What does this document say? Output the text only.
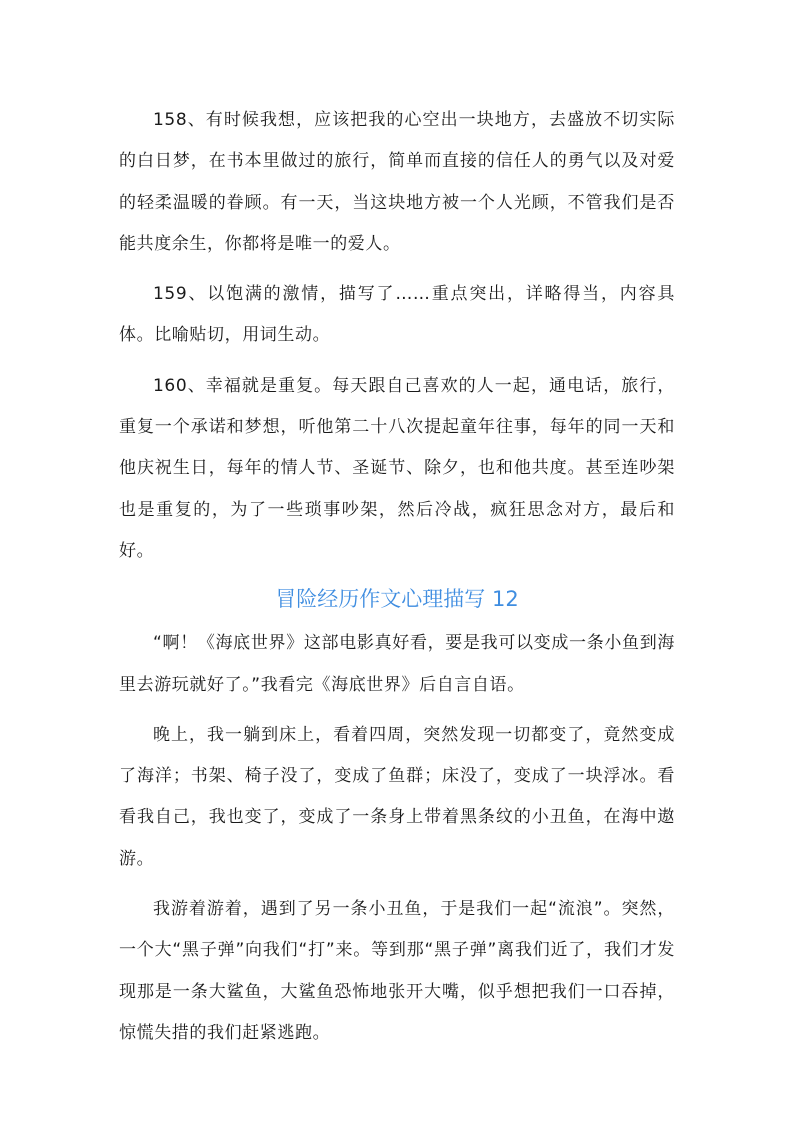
158、有时候我想，应该把我的心空出一块地方，去盛放不切实际的白日梦，在书本里做过的旅行，简单而直接的信任人的勇气以及对爱的轻柔温暖的眷顾。有一天，当这块地方被一个人光顾，不管我们是否能共度余生，你都将是唯一的爱人。

159、以饱满的激情，描写了……重点突出，详略得当，内容具体。比喻贴切，用词生动。

160、幸福就是重复。每天跟自己喜欢的人一起，通电话，旅行，重复一个承诺和梦想，听他第二十八次提起童年往事，每年的同一天和他庆祝生日，每年的情人节、圣诞节、除夕，也和他共度。甚至连吵架也是重复的，为了一些琐事吵架，然后冷战，疯狂思念对方，最后和好。

冒险经历作文心理描写 12

“啊！《海底世界》这部电影真好看，要是我可以变成一条小鱼到海里去游玩就好了。”我看完《海底世界》后自言自语。

晚上，我一躺到床上，看着四周，突然发现一切都变了，竟然变成了海洋；书架、椅子没了，变成了鱼群；床没了，变成了一块浮冰。看看我自己，我也变了，变成了一条身上带着黑条纹的小丑鱼，在海中遨游。

我游着游着，遇到了另一条小丑鱼，于是我们一起“流浪”。突然，一个大“黑子弹”向我们“打”来。等到那“黑子弹”离我们近了，我们才发现那是一条大鲨鱼，大鲨鱼恐怖地张开大嘴，似乎想把我们一口吞掉，惊慌失措的我们赶紧逃跑。
